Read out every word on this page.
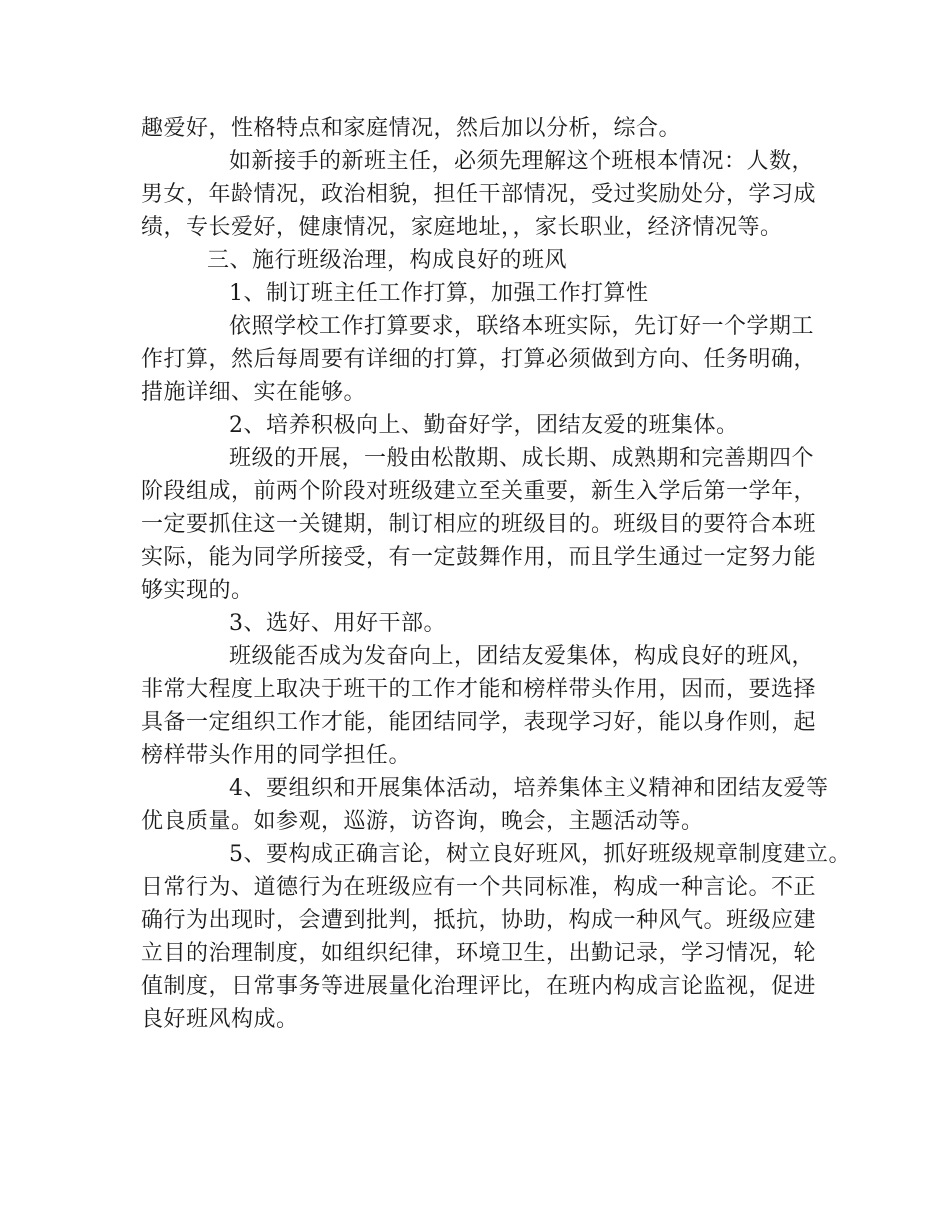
趣爱好，性格特点和家庭情况，然后加以分析，综合。
如新接手的新班主任，必须先理解这个班根本情况：人数，
男女，年龄情况，政治相貌，担任干部情况，受过奖励处分，学习成
绩，专长爱好，健康情况，家庭地址，，家长职业，经济情况等。
三、施行班级治理，构成良好的班风
1、制订班主任工作打算，加强工作打算性
依照学校工作打算要求，联络本班实际，先订好一个学期工
作打算，然后每周要有详细的打算，打算必须做到方向、任务明确，
措施详细、实在能够。
2、培养积极向上、勤奋好学，团结友爱的班集体。
班级的开展，一般由松散期、成长期、成熟期和完善期四个
阶段组成，前两个阶段对班级建立至关重要，新生入学后第一学年，
一定要抓住这一关键期，制订相应的班级目的。班级目的要符合本班
实际，能为同学所接受，有一定鼓舞作用，而且学生通过一定努力能
够实现的。
3、选好、用好干部。
班级能否成为发奋向上，团结友爱集体，构成良好的班风，
非常大程度上取决于班干的工作才能和榜样带头作用，因而，要选择
具备一定组织工作才能，能团结同学，表现学习好，能以身作则，起
榜样带头作用的同学担任。
4、要组织和开展集体活动，培养集体主义精神和团结友爱等
优良质量。如参观，巡游，访咨询，晚会，主题活动等。
5、要构成正确言论，树立良好班风，抓好班级规章制度建立。
日常行为、道德行为在班级应有一个共同标准，构成一种言论。不正
确行为出现时，会遭到批判，抵抗，协助，构成一种风气。班级应建
立目的治理制度，如组织纪律，环境卫生，出勤记录，学习情况，轮
值制度，日常事务等进展量化治理评比，在班内构成言论监视，促进
良好班风构成。
